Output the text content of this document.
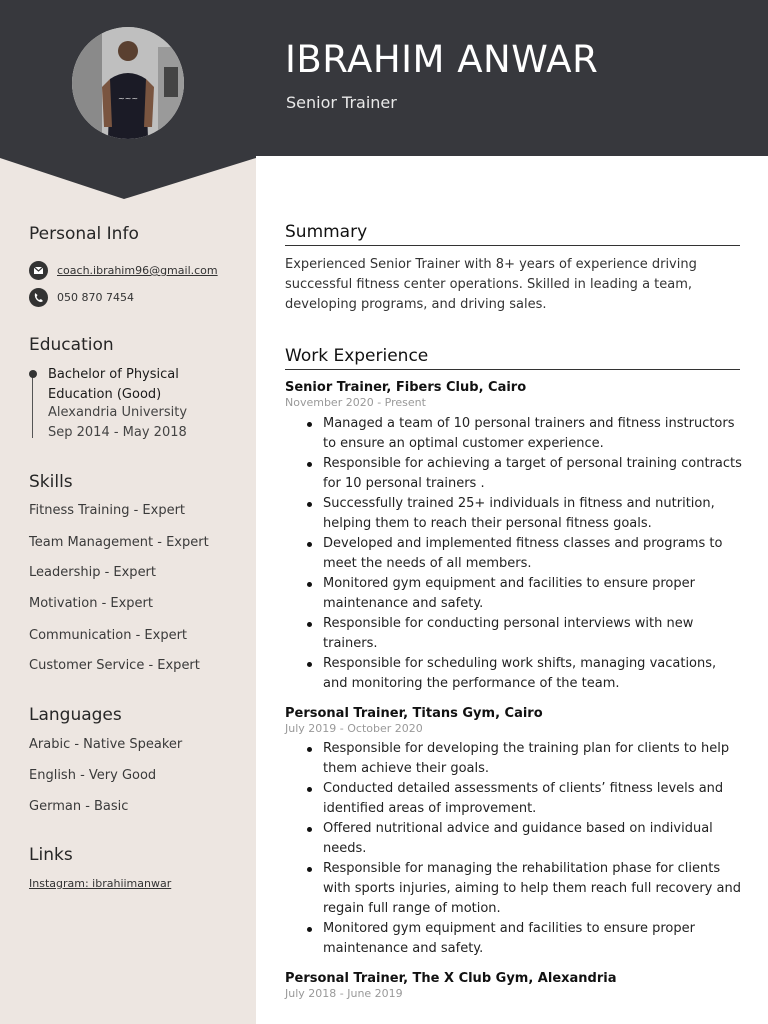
~~~
IBRAHIM ANWAR
Senior Trainer
Personal Info
coach.ibrahim96@gmail.com
050 870 7454
Education
Bachelor of Physical Education (Good)
Alexandria University
Sep 2014 - May 2018
Skills
Fitness Training - Expert
Team Management - Expert
Leadership - Expert
Motivation - Expert
Communication - Expert
Customer Service - Expert
Languages
Arabic - Native Speaker
English - Very Good
German - Basic
Links
Instagram: ibrahiimanwar
Summary
Experienced Senior Trainer with 8+ years of experience driving successful fitness center operations. Skilled in leading a team, developing programs, and driving sales.
Work Experience
Senior Trainer, Fibers Club, Cairo
November 2020 - Present
Managed a team of 10 personal trainers and fitness instructors to ensure an optimal customer experience.
Responsible for achieving a target of personal training contracts for 10 personal trainers .
Successfully trained 25+ individuals in fitness and nutrition, helping them to reach their personal fitness goals.
Developed and implemented fitness classes and programs to meet the needs of all members.
Monitored gym equipment and facilities to ensure proper maintenance and safety.
Responsible for conducting personal interviews with new trainers.
Responsible for scheduling work shifts, managing vacations, and monitoring the performance of the team.
Personal Trainer, Titans Gym, Cairo
July 2019 - October 2020
Responsible for developing the training plan for clients to help them achieve their goals.
Conducted detailed assessments of clients’ fitness levels and identified areas of improvement.
Offered nutritional advice and guidance based on individual needs.
Responsible for managing the rehabilitation phase for clients with sports injuries, aiming to help them reach full recovery and regain full range of motion.
Monitored gym equipment and facilities to ensure proper maintenance and safety.
Personal Trainer, The X Club Gym, Alexandria
July 2018 - June 2019
